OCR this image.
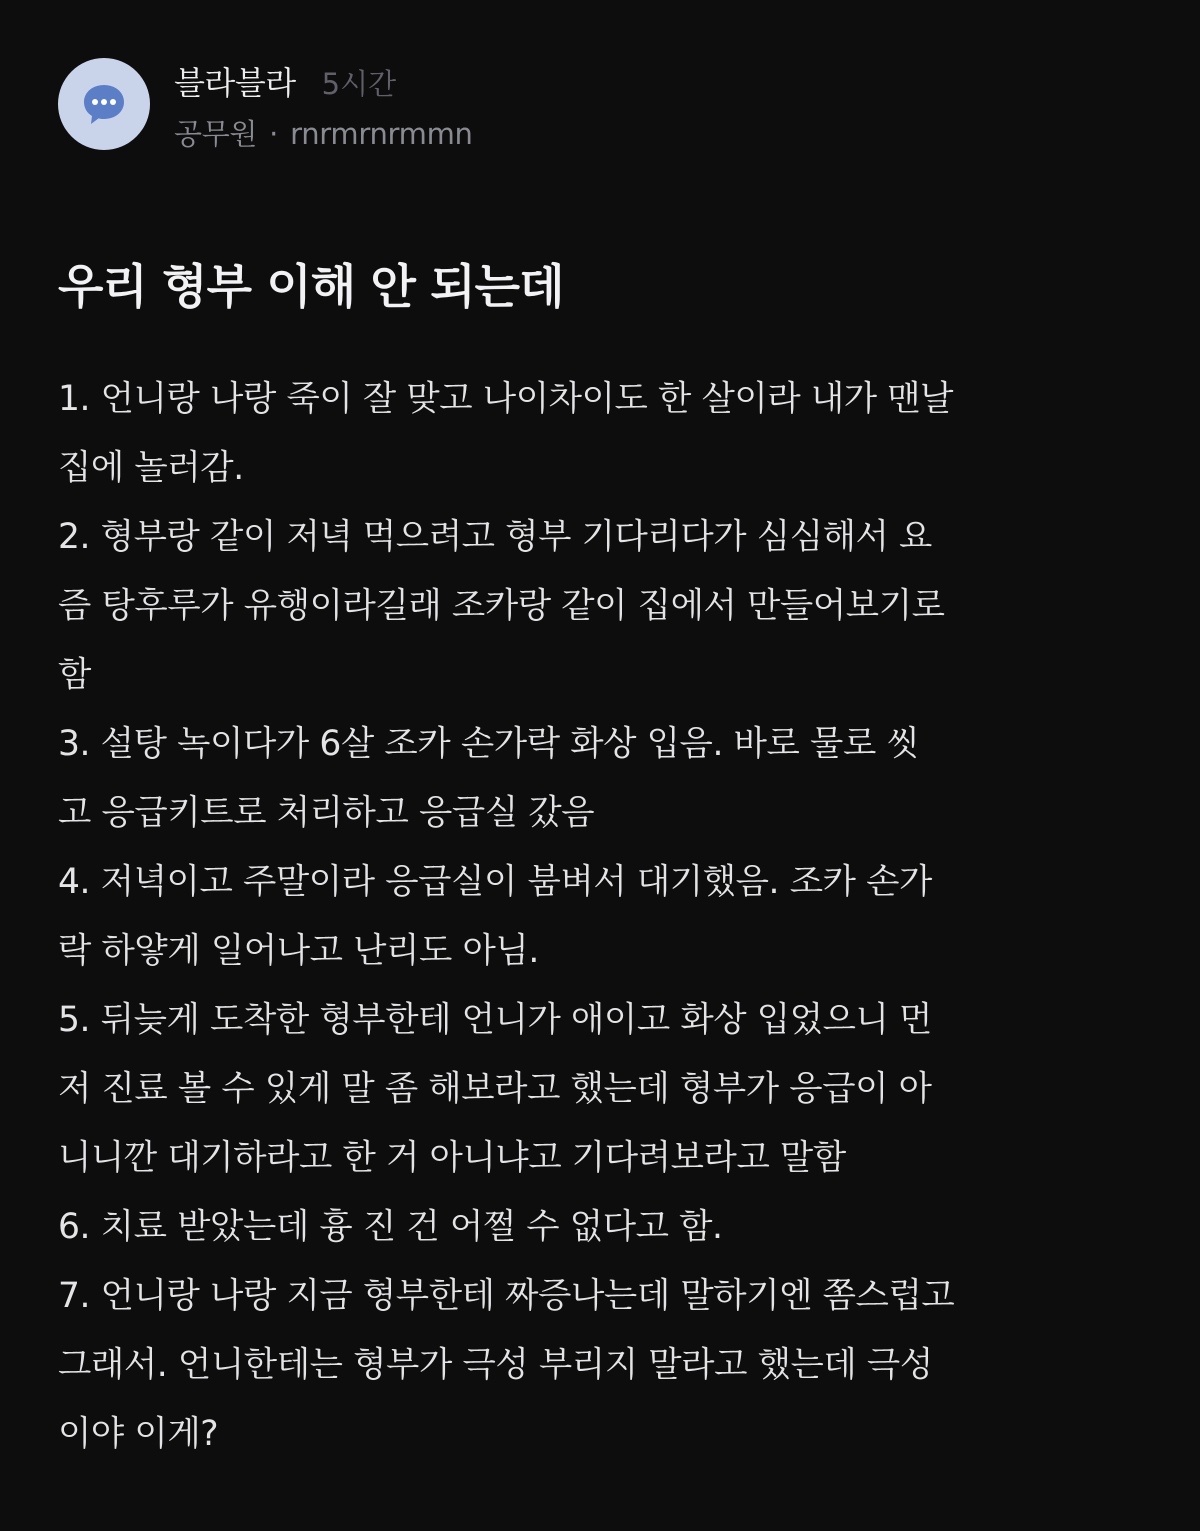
블라블라 5시간
공무원 · rnrmrnrmmn
우리 형부 이해 안 되는데
1. 언니랑 나랑 죽이 잘 맞고 나이차이도 한 살이라 내가 맨날
집에 놀러감.
2. 형부랑 같이 저녁 먹으려고 형부 기다리다가 심심해서 요
즘 탕후루가 유행이라길래 조카랑 같이 집에서 만들어보기로
함
3. 설탕 녹이다가 6살 조카 손가락 화상 입음. 바로 물로 씻
고 응급키트로 처리하고 응급실 갔음
4. 저녁이고 주말이라 응급실이 붐벼서 대기했음. 조카 손가
락 하얗게 일어나고 난리도 아님.
5. 뒤늦게 도착한 형부한테 언니가 애이고 화상 입었으니 먼
저 진료 볼 수 있게 말 좀 해보라고 했는데 형부가 응급이 아
니니깐 대기하라고 한 거 아니냐고 기다려보라고 말함
6. 치료 받았는데 흉 진 건 어쩔 수 없다고 함.
7. 언니랑 나랑 지금 형부한테 짜증나는데 말하기엔 쫌스럽고
그래서. 언니한테는 형부가 극성 부리지 말라고 했는데 극성
이야 이게?
